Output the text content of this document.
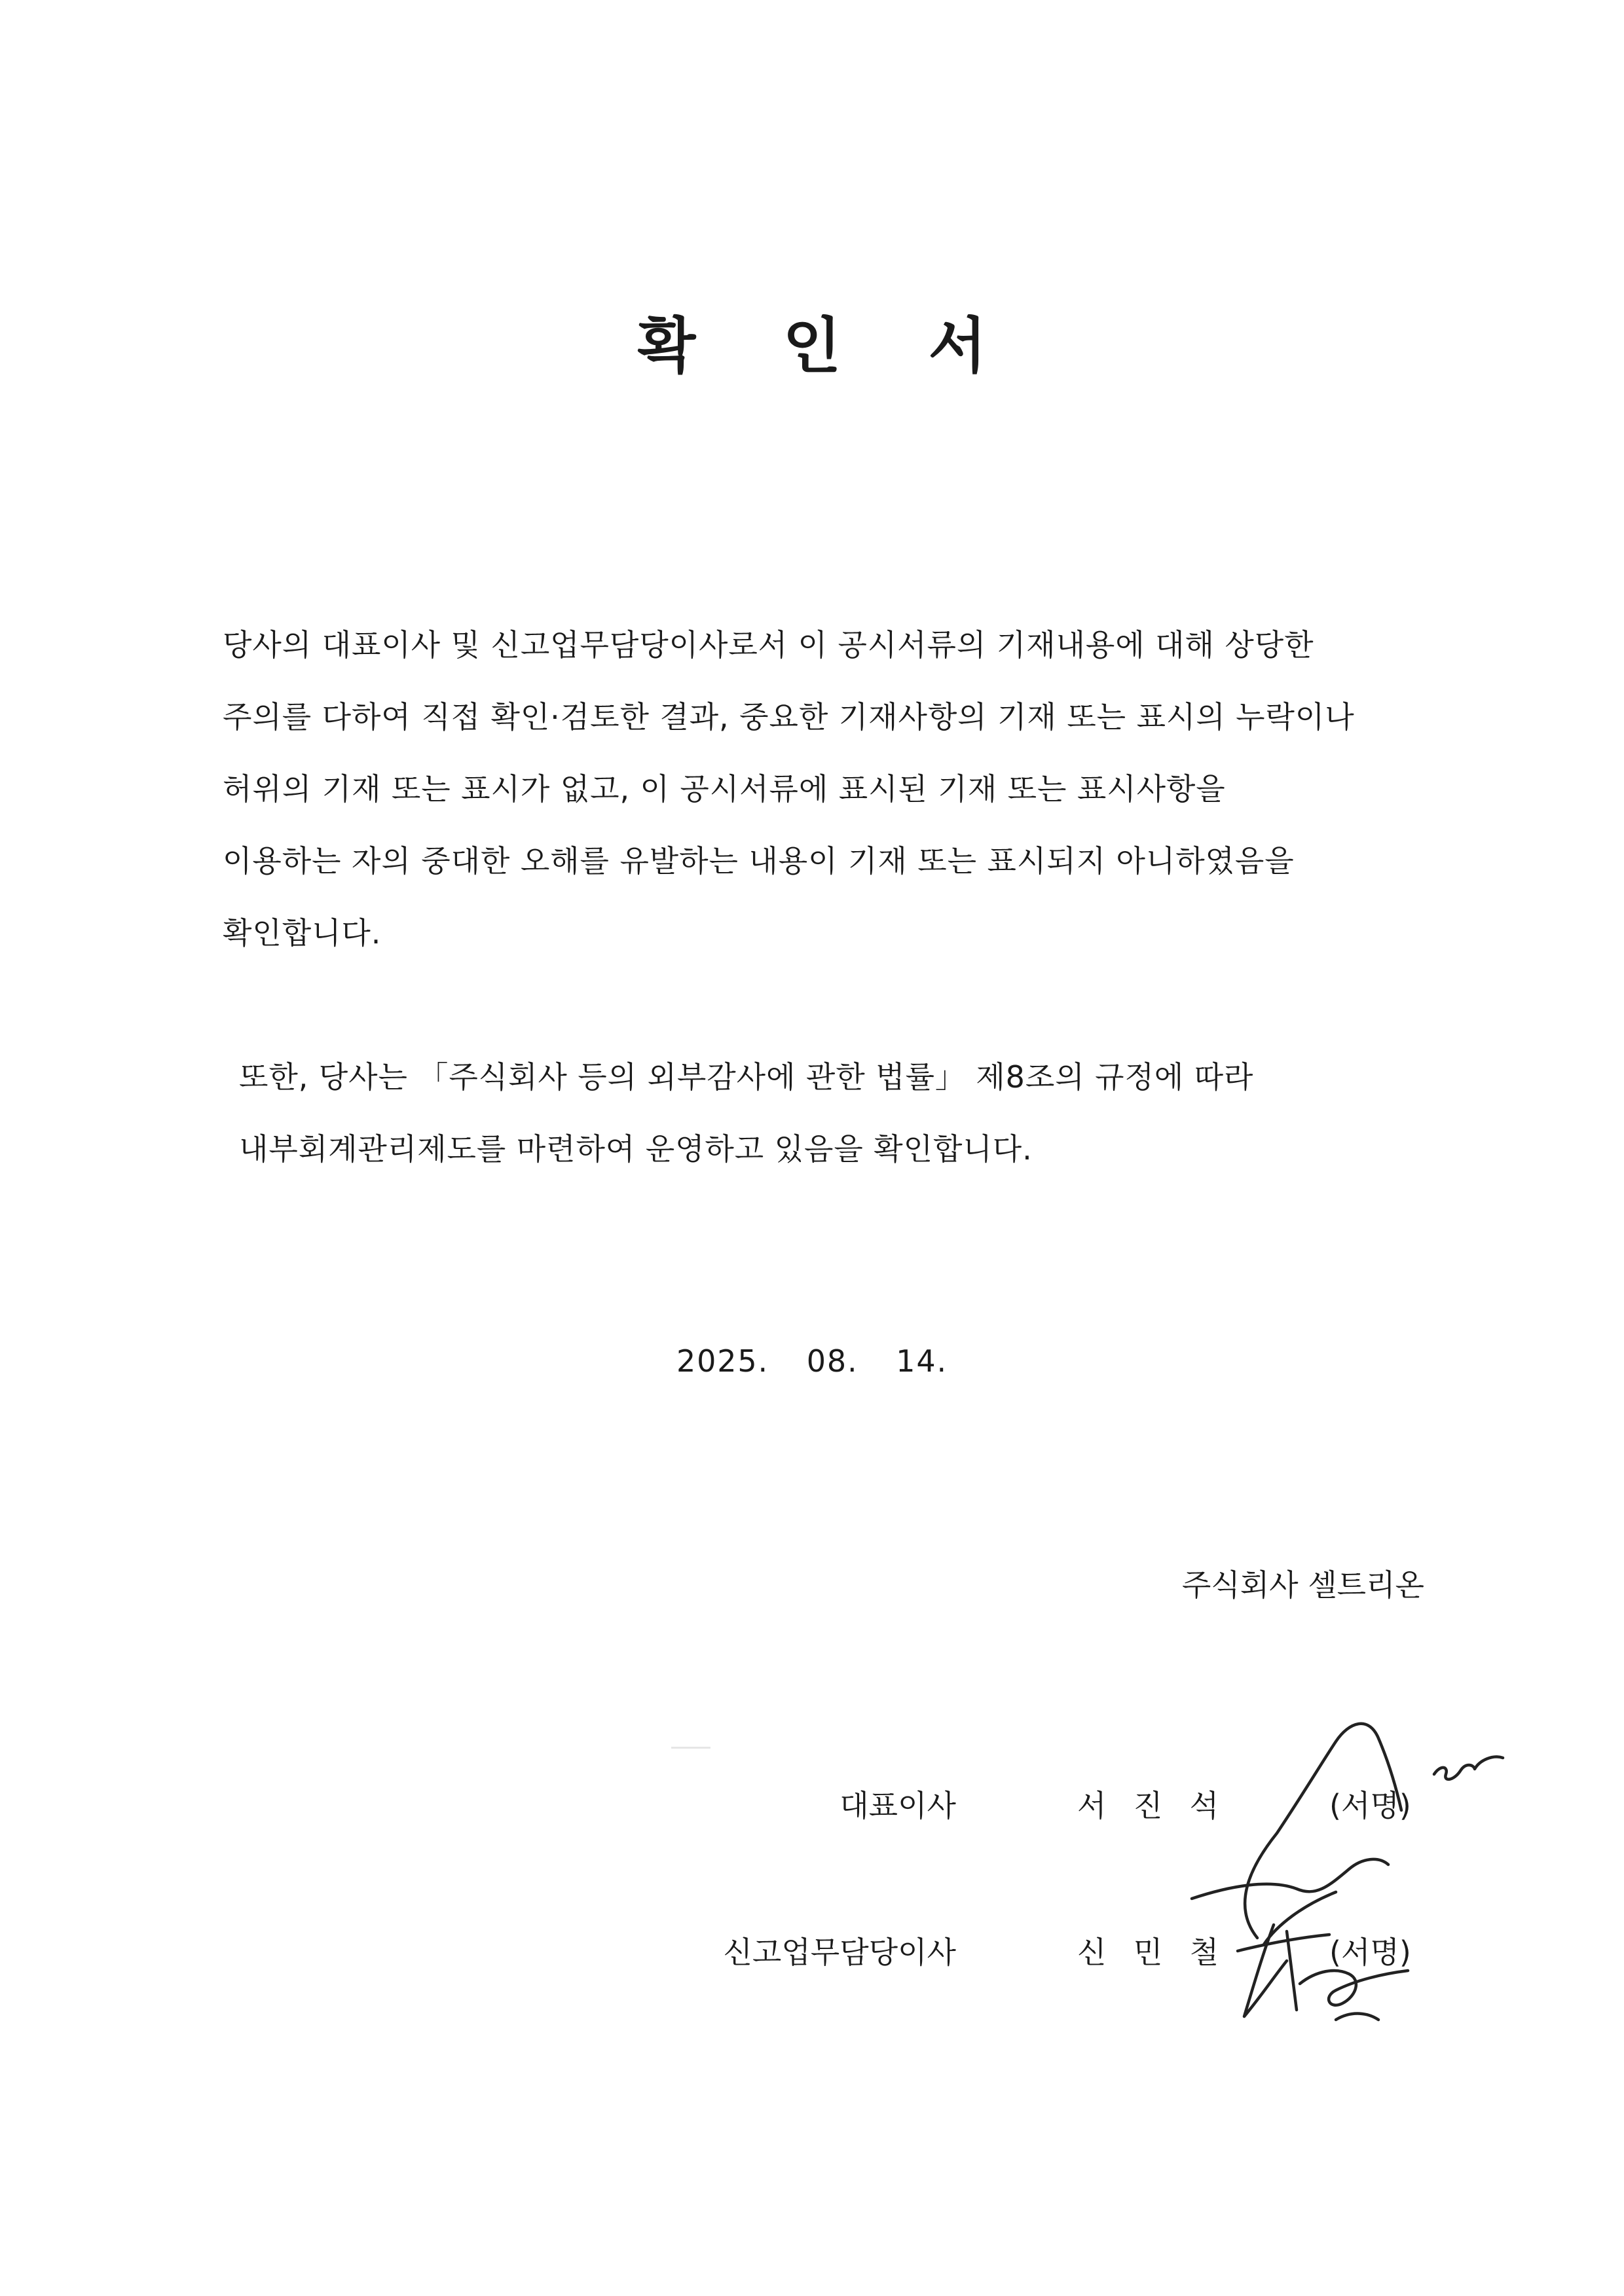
확 인 서
당사의 대표이사 및 신고업무담당이사로서 이 공시서류의 기재내용에 대해 상당한
주의를 다하여 직접 확인·검토한 결과, 중요한 기재사항의 기재 또는 표시의 누락이나
허위의 기재 또는 표시가 없고, 이 공시서류에 표시된 기재 또는 표시사항을
이용하는 자의 중대한 오해를 유발하는 내용이 기재 또는 표시되지 아니하였음을
확인합니다.
또한, 당사는 「주식회사 등의 외부감사에 관한 법률」 제8조의 규정에 따라
내부회계관리제도를 마련하여 운영하고 있음을 확인합니다.
2025. 08. 14.
주식회사 셀트리온
대표이사	서진석	(서명)
신고업무담당이사	신민철	(서명)
